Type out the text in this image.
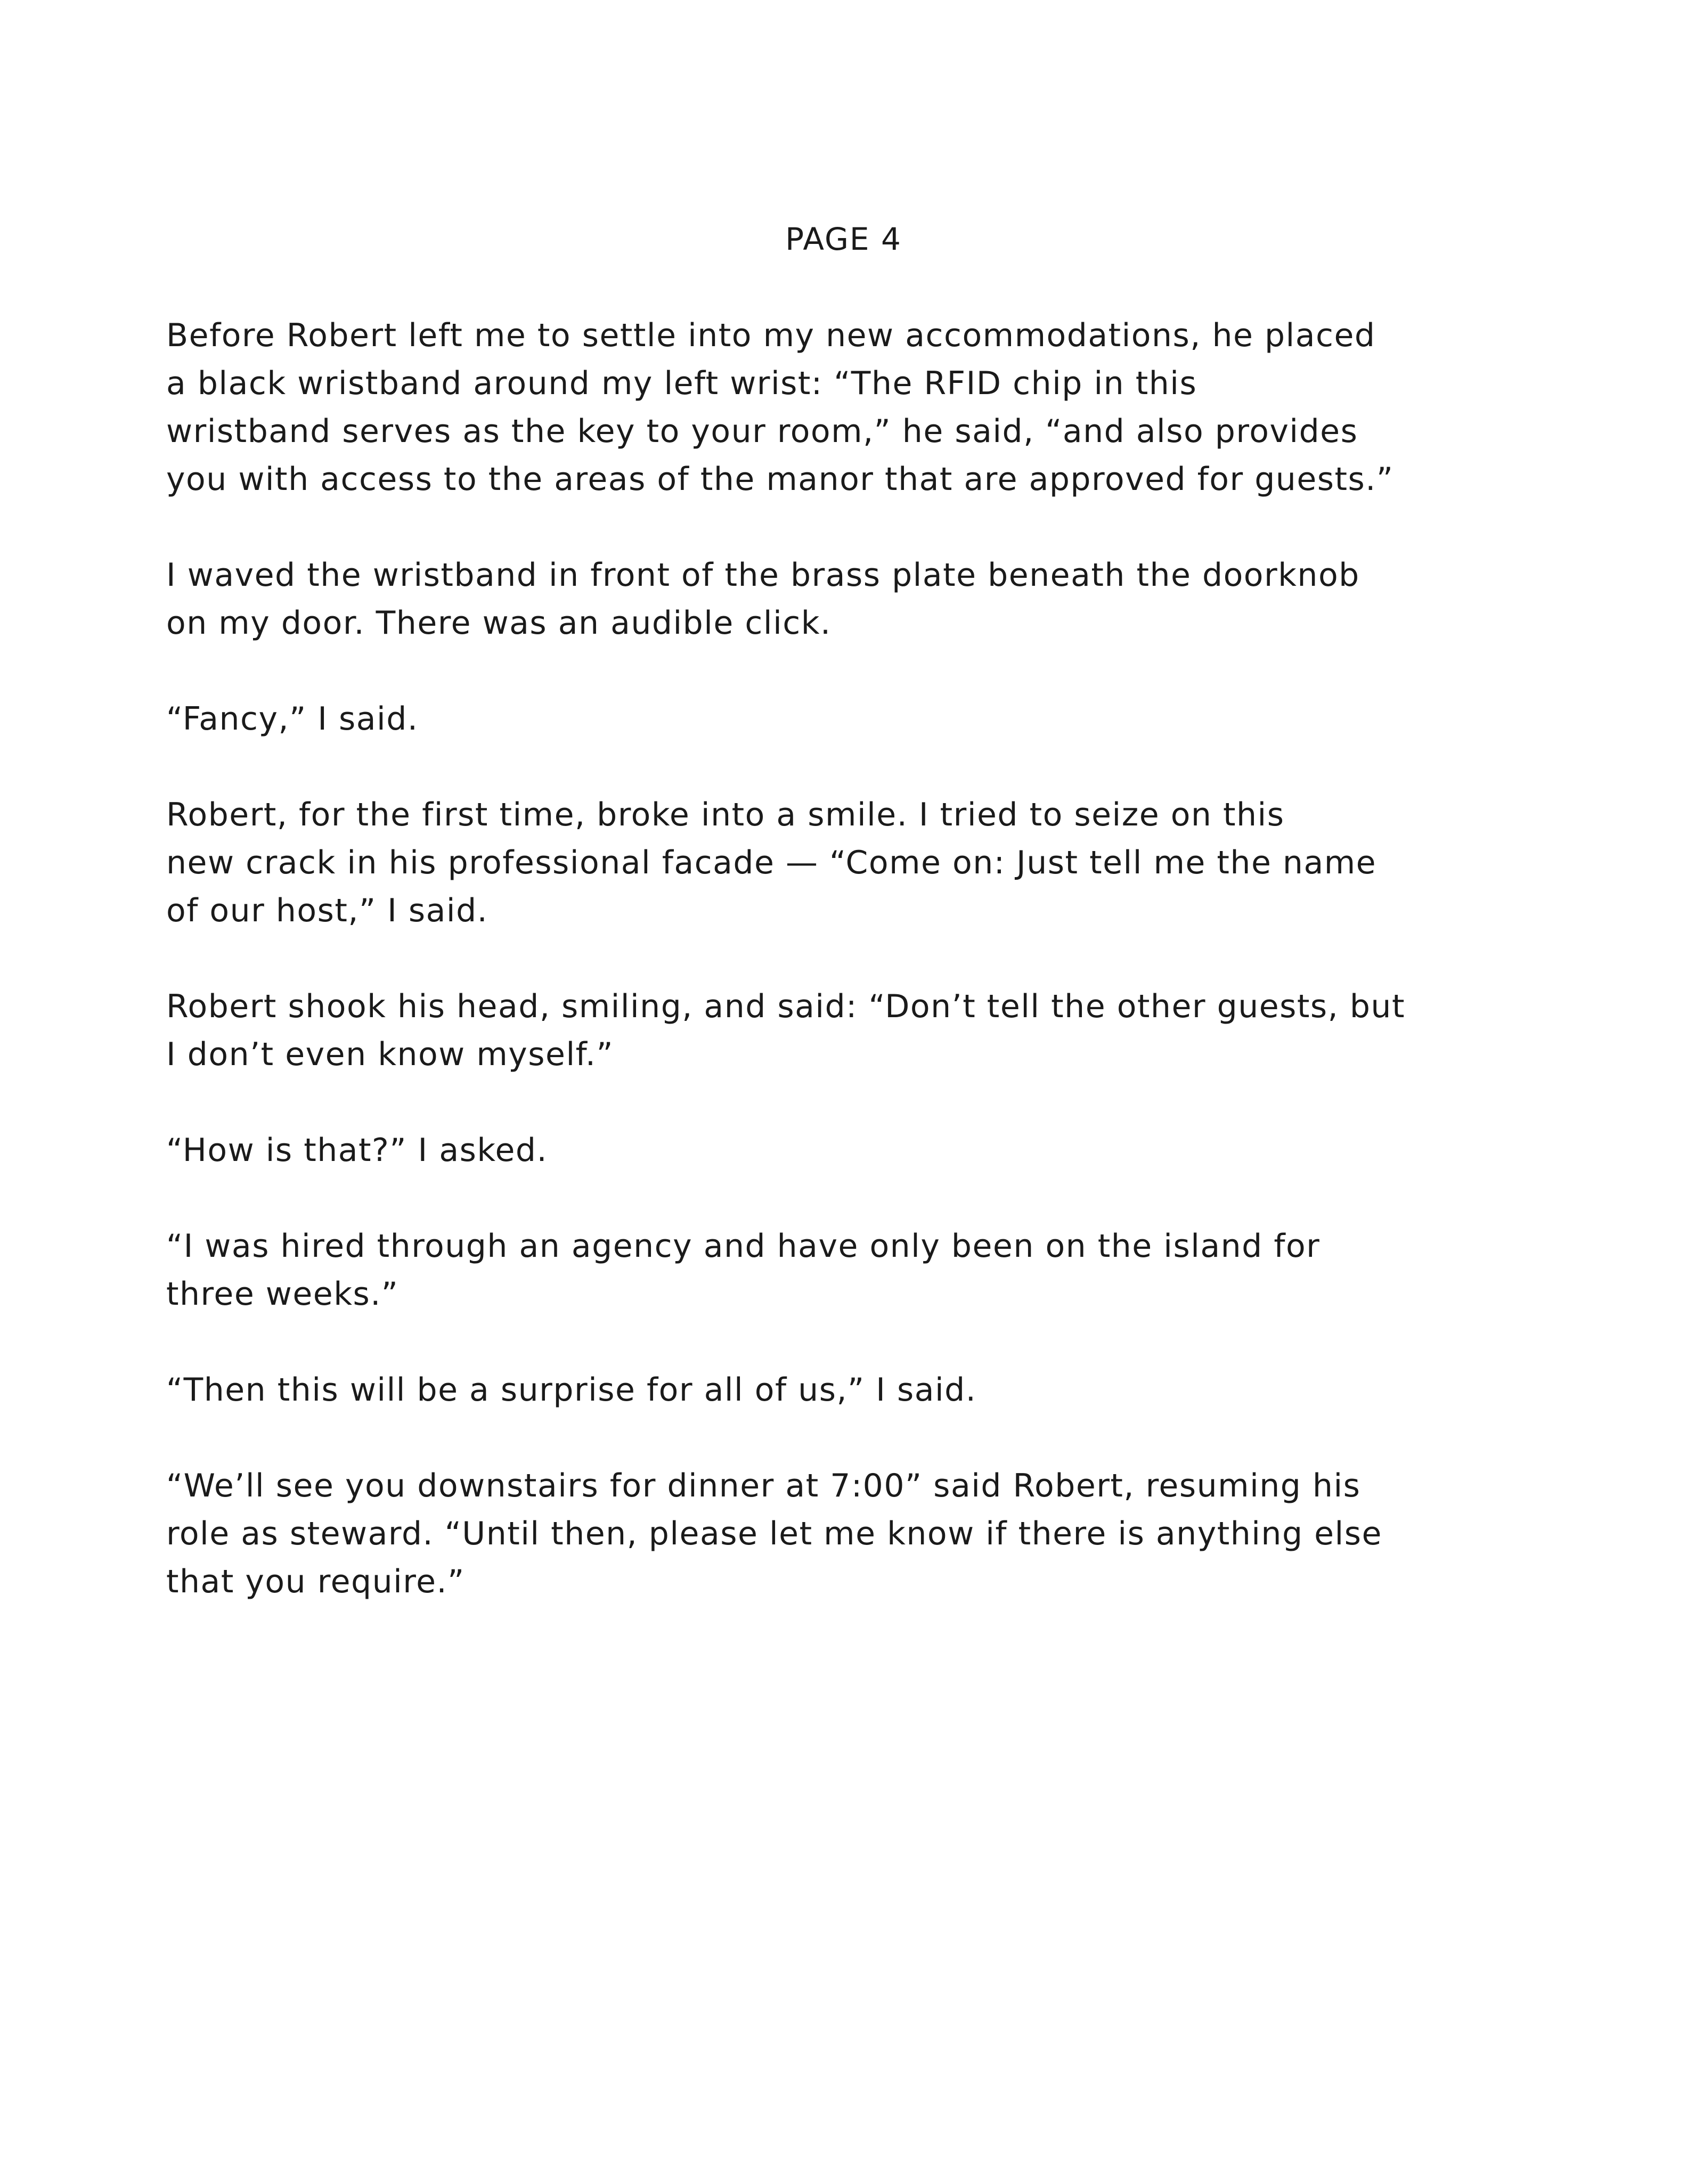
PAGE 4
Before Robert left me to settle into my new accommodations, he placed
a black wristband around my left wrist: “The RFID chip in this
wristband serves as the key to your room,” he said, “and also provides
you with access to the areas of the manor that are approved for guests.”
I waved the wristband in front of the brass plate beneath the doorknob
on my door. There was an audible click.
“Fancy,” I said.
Robert, for the first time, broke into a smile. I tried to seize on this
new crack in his professional facade — “Come on: Just tell me the name
of our host,” I said.
Robert shook his head, smiling, and said: “Don’t tell the other guests, but
I don’t even know myself.”
“How is that?” I asked.
“I was hired through an agency and have only been on the island for
three weeks.”
“Then this will be a surprise for all of us,” I said.
“We’ll see you downstairs for dinner at 7:00” said Robert, resuming his
role as steward. “Until then, please let me know if there is anything else
that you require.”
